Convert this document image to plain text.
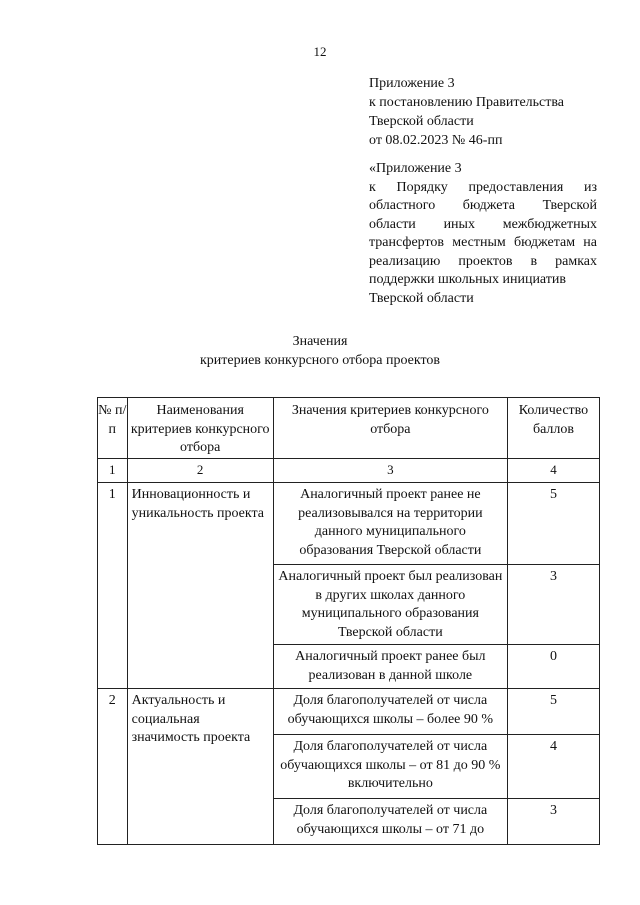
12
Приложение 3
к постановлению Правительства
Тверской области
от 08.02.2023 № 46-пп
«Приложение 3
к Порядку предоставления из
областного бюджета Тверской
области иных межбюджетных
трансфертов местным бюджетам на
реализацию проектов в рамках
поддержки школьных инициатив
Тверской области
Значения
критериев конкурсного отбора проектов
№ п/п	Наименования критериев конкурсного отбора	Значения критериев конкурсного отбора	Количество баллов
1	2	3	4
1	Инновационность и уникальность проекта	Аналогичный проект ранее не реализовывался на территории данного муниципального образования Тверской области	5
		Аналогичный проект был реализован в других школах данного муниципального образования Тверской области	3
		Аналогичный проект ранее был реализован в данной школе	0
2	Актуальность и социальная значимость проекта	Доля благополучателей от числа обучающихся школы – более 90 %	5
		Доля благополучателей от числа обучающихся школы – от 81 до 90 % включительно	4
		Доля благополучателей от числа обучающихся школы – от 71 до	3
